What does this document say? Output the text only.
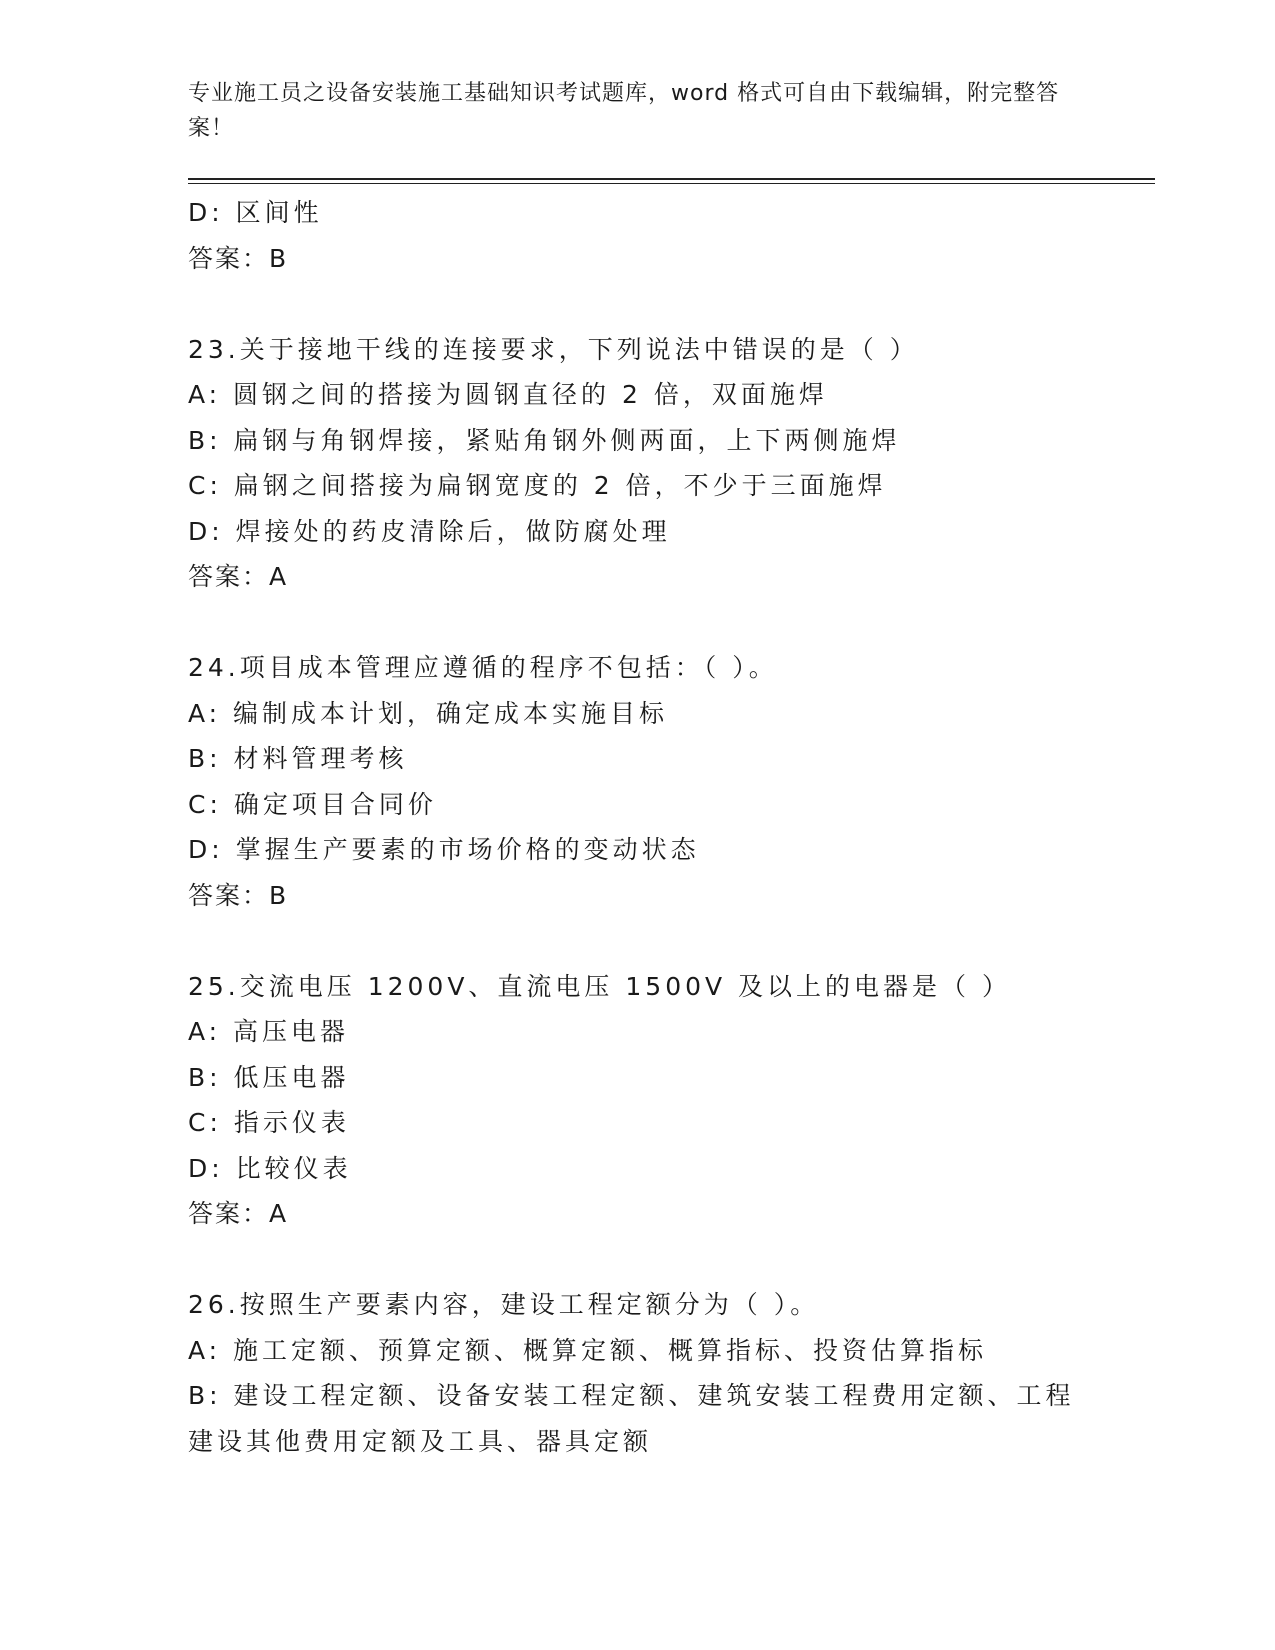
专业施工员之设备安装施工基础知识考试题库，word 格式可自由下载编辑，附完整答案！
D: 区间性
答案：B
23.关于接地干线的连接要求，下列说法中错误的是（ ）
A: 圆钢之间的搭接为圆钢直径的 2 倍，双面施焊
B: 扁钢与角钢焊接，紧贴角钢外侧两面，上下两侧施焊
C: 扁钢之间搭接为扁钢宽度的 2 倍，不少于三面施焊
D: 焊接处的药皮清除后，做防腐处理
答案：A
24.项目成本管理应遵循的程序不包括：（ ）。
A: 编制成本计划，确定成本实施目标
B: 材料管理考核
C: 确定项目合同价
D: 掌握生产要素的市场价格的变动状态
答案：B
25.交流电压 1200V、直流电压 1500V 及以上的电器是（ ）
A: 高压电器
B: 低压电器
C: 指示仪表
D: 比较仪表
答案：A
26.按照生产要素内容，建设工程定额分为（ ）。
A: 施工定额、预算定额、概算定额、概算指标、投资估算指标
B: 建设工程定额、设备安装工程定额、建筑安装工程费用定额、工程建设其他费用定额及工具、器具定额
